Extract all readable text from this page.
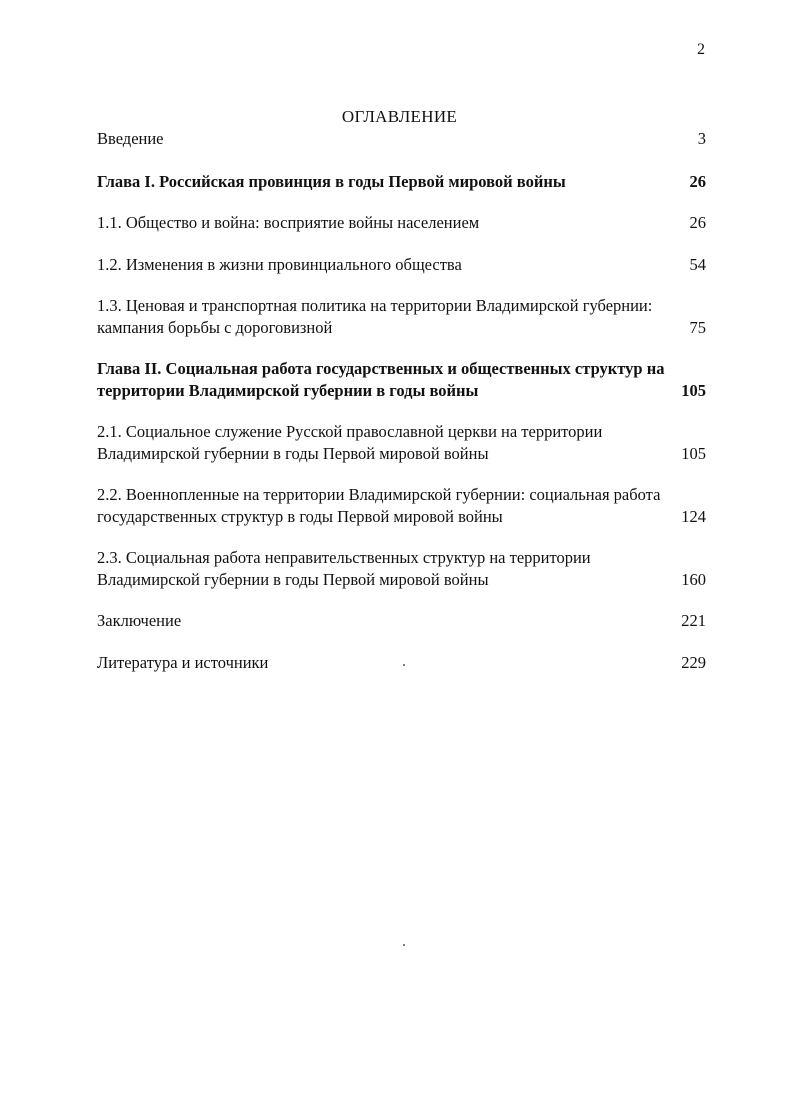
2
ОГЛАВЛЕНИЕ
Введение	3
Глава I. Российская провинция в годы Первой мировой войны	26
1.1. Общество и война: восприятие войны населением	26
1.2. Изменения в жизни провинциального общества	54
1.3. Ценовая и транспортная политика на территории Владимирской губернии: кампания борьбы с дороговизной	75
Глава II. Социальная работа государственных и общественных структур на территории Владимирской губернии в годы войны	105
2.1. Социальное служение Русской православной церкви на территории Владимирской губернии в годы Первой мировой войны	105
2.2. Военнопленные на территории Владимирской губернии: социальная работа государственных структур в годы Первой мировой войны	124
2.3. Социальная работа неправительственных структур на территории Владимирской губернии в годы Первой мировой войны	160
Заключение	221
Литература и источники	229
